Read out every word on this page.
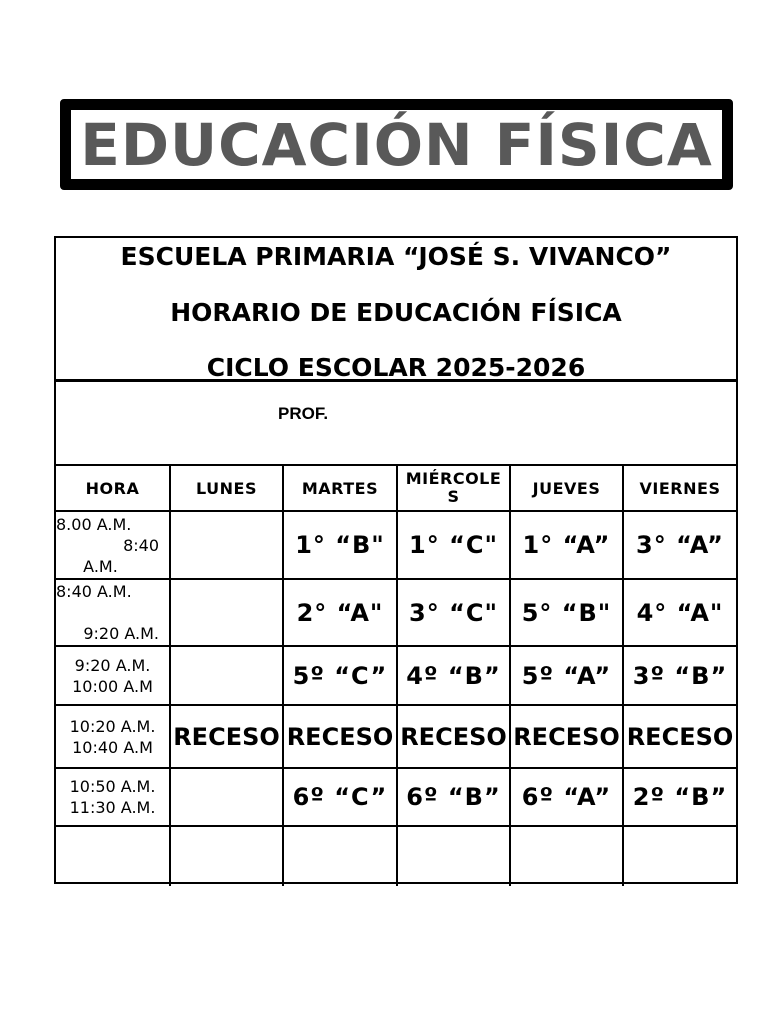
EDUCACIÓN FÍSICA
ESCUELA PRIMARIA “JOSÉ S. VIVANCO”
HORARIO DE EDUCACIÓN FÍSICA
CICLO ESCOLAR 2025-2026
PROF.
HORA	LUNES	MARTES	MIÉRCOLES	JUEVES	VIERNES

8.00 A.M.
8:40
A.M.		1° “B"	1° “C"	1° “A”	3° “A”

8:40 A.M.
9:20 A.M.		2° “A"	3° “C"	5° “B"	4° “A"

9:20 A.M.
10:00 A.M		5º “C”	4º “B”	5º “A”	3º “B”

10:20 A.M.
10:40 A.M	RECESO	RECESO	RECESO	RECESO	RECESO

10:50 A.M.
11:30 A.M.		6º “C”	6º “B”	6º “A”	2º “B”
